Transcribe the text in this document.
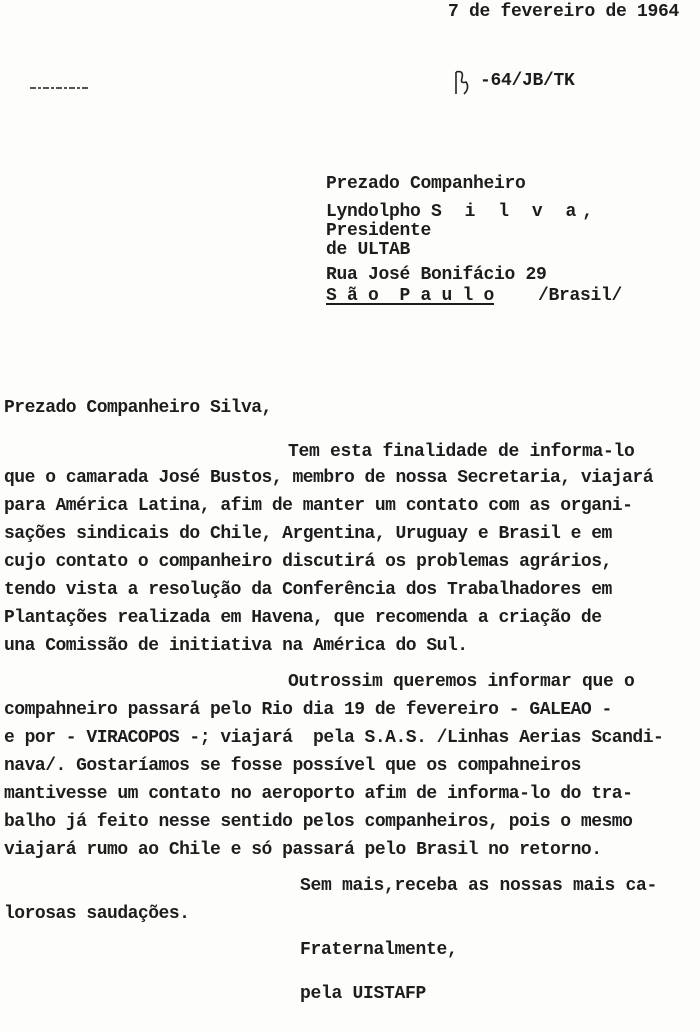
7 de fevereiro de 1964
-64/JB/TK
Prezado Companheiro
Lyndolpho S i l v a,
Presidente
de ULTAB
Rua José Bonifácio 29
S ã o  P a u l o /Brasil/
Prezado Companheiro Silva,
Tem esta finalidade de informa-lo
que o camarada José Bustos, membro de nossa Secretaria, viajará
para América Latina, afim de manter um contato com as organi-
sações sindicais do Chile, Argentina, Uruguay e Brasil e em
cujo contato o companheiro discutirá os problemas agrários,
tendo vista a resolução da Conferência dos Trabalhadores em
Plantações realizada em Havena, que recomenda a criação de
una Comissão de initiativa na América do Sul.
Outrossim queremos informar que o
compahneiro passará pelo Rio dia 19 de fevereiro - GALEAO -
e por - VIRACOPOS -; viajará  pela S.A.S. /Linhas Aerias Scandi-
nava/. Gostaríamos se fosse possível que os compahneiros
mantivesse um contato no aeroporto afim de informa-lo do tra-
balho já feito nesse sentido pelos companheiros, pois o mesmo
viajará rumo ao Chile e só passará pelo Brasil no retorno.
Sem mais,receba as nossas mais ca-
lorosas saudações.
Fraternalmente,
pela UISTAFP
